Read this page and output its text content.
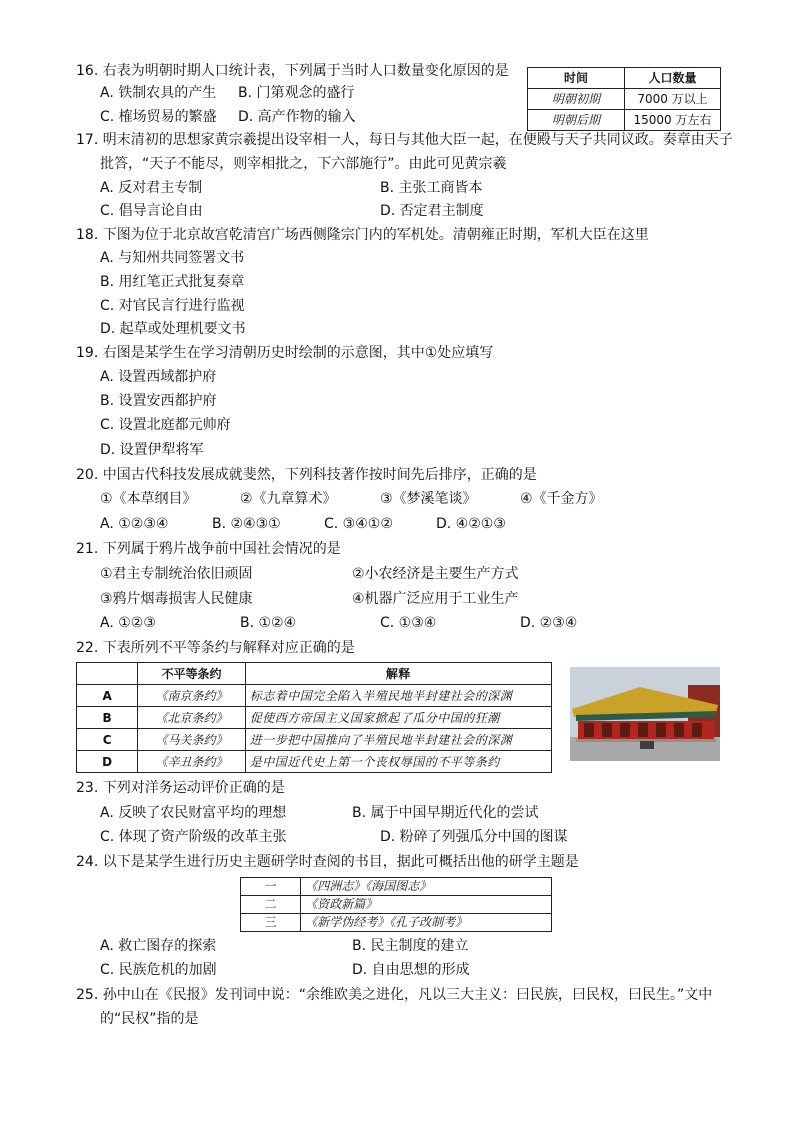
16. 右表为明朝时期人口统计表，下列属于当时人口数量变化原因的是
A. 铁制农具的产生 B. 门第观念的盛行
C. 榷场贸易的繁盛 D. 高产作物的输入
时间	人口数量
明朝初期	7000 万以上
明朝后期	15000 万左右
17. 明末清初的思想家黄宗羲提出设宰相一人，每日与其他大臣一起，在便殿与天子共同议政。奏章由天子
批答，“天子不能尽，则宰相批之，下六部施行”。由此可见黄宗羲
A. 反对君主专制	B. 主张工商皆本
C. 倡导言论自由	D. 否定君主制度
18. 下图为位于北京故宫乾清宫广场西侧隆宗门内的军机处。清朝雍正时期，军机大臣在这里
A. 与知州共同签署文书
B. 用红笔正式批复奏章
C. 对官民言行进行监视
D. 起草或处理机要文书
19. 右图是某学生在学习清朝历史时绘制的示意图，其中①处应填写
A. 设置西域都护府
B. 设置安西都护府
C. 设置北庭都元帅府
D. 设置伊犁将军
20. 中国古代科技发展成就斐然，下列科技著作按时间先后排序，正确的是
①《本草纲目》	②《九章算术》	③《梦溪笔谈》	④《千金方》
A. ①②③④	B. ②④③①	C. ③④①②	D. ④②①③
21. 下列属于鸦片战争前中国社会情况的是
①君主专制统治依旧顽固	②小农经济是主要生产方式
③鸦片烟毒损害人民健康	④机器广泛应用于工业生产
A. ①②③	B. ①②④	C. ①③④	D. ②③④
22. 下表所列不平等条约与解释对应正确的是
	不平等条约	解释
A	《南京条约》	标志着中国完全陷入半殖民地半封建社会的深渊
B	《北京条约》	促使西方帝国主义国家掀起了瓜分中国的狂潮
C	《马关条约》	进一步把中国推向了半殖民地半封建社会的深渊
D	《辛丑条约》	是中国近代史上第一个丧权辱国的不平等条约
23. 下列对洋务运动评价正确的是
A. 反映了农民财富平均的理想	B. 属于中国早期近代化的尝试
C. 体现了资产阶级的改革主张	D. 粉碎了列强瓜分中国的图谋
24. 以下是某学生进行历史主题研学时查阅的书目，据此可概括出他的研学主题是
一	《四洲志》《海国图志》
二	《资政新篇》
三	《新学伪经考》《孔子改制考》
A. 救亡图存的探索	B. 民主制度的建立
C. 民族危机的加剧	D. 自由思想的形成
25. 孙中山在《民报》发刊词中说：“余维欧美之进化，凡以三大主义：曰民族，曰民权，曰民生。”文中
的“民权”指的是
